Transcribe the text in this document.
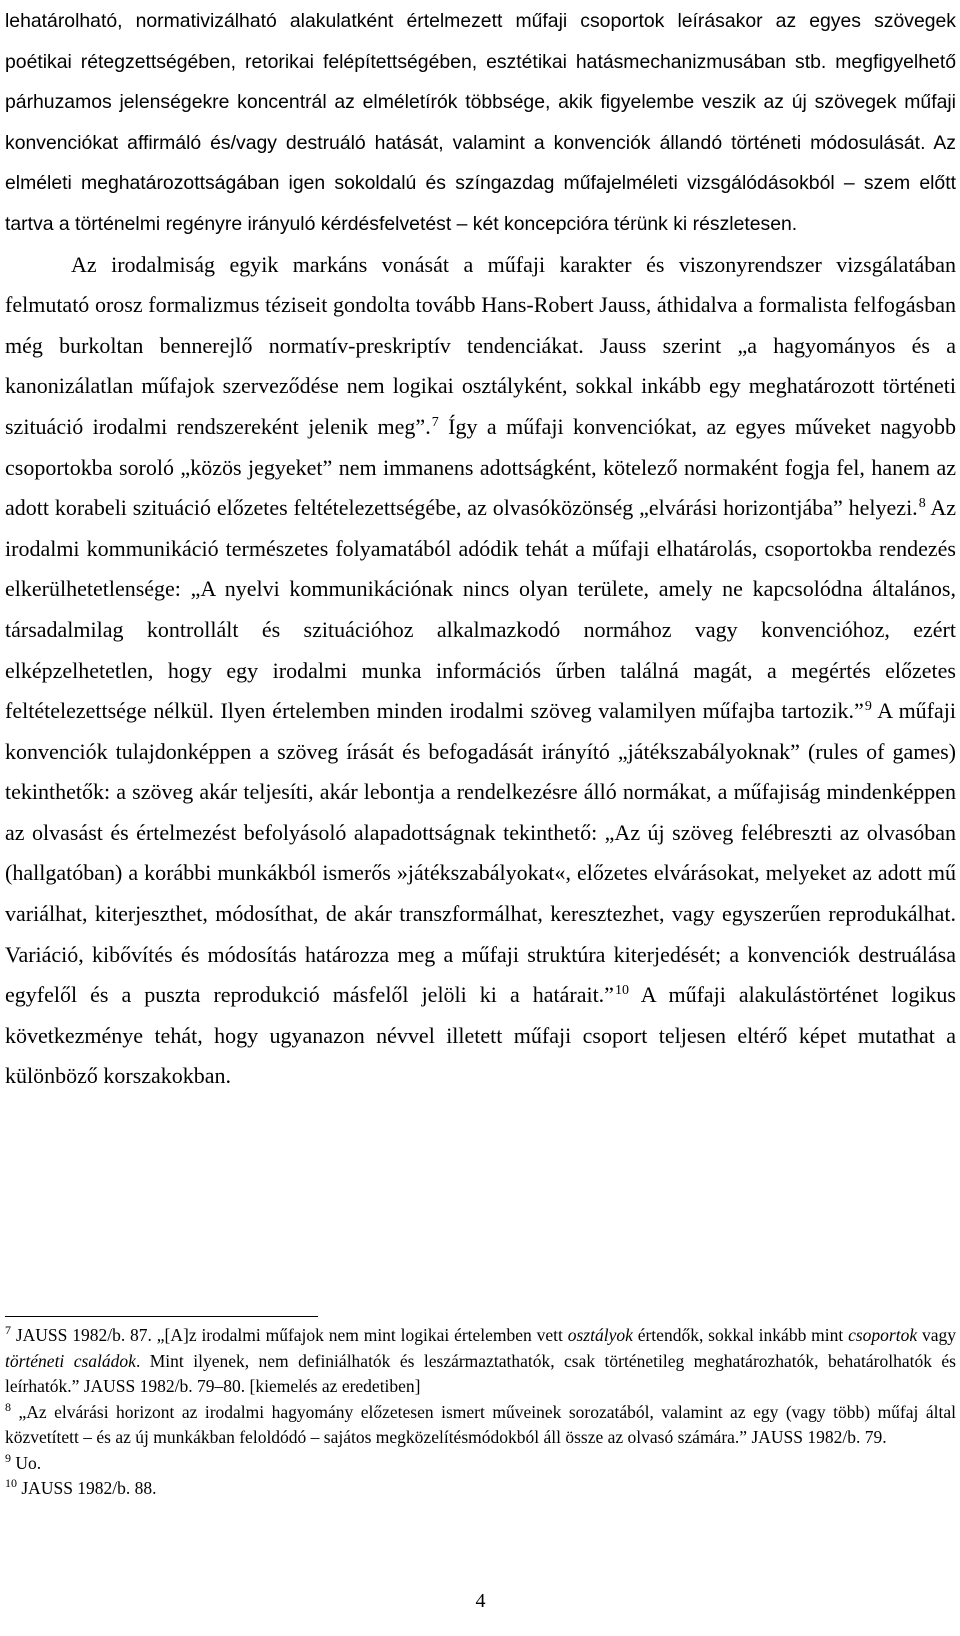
lehatárolható, normativizálható alakulatként értelmezett műfaji csoportok leírásakor az egyes szövegek poétikai rétegzettségében, retorikai felépítettségében, esztétikai hatásmechanizmusában stb. megfigyelhető párhuzamos jelenségekre koncentrál az elméletírók többsége, akik figyelembe veszik az új szövegek műfaji konvenciókat affirmáló és/vagy destruáló hatását, valamint a konvenciók állandó történeti módosulását. Az elméleti meghatározottságában igen sokoldalú és színgazdag műfajelméleti vizsgálódásokból – szem előtt tartva a történelmi regényre irányuló kérdésfelvetést – két koncepcióra térünk ki részletesen.

Az irodalmiság egyik markáns vonását a műfaji karakter és viszonyrendszer vizsgálatában felmutató orosz formalizmus téziseit gondolta tovább Hans-Robert Jauss, áthidalva a formalista felfogásban még burkoltan bennerejlő normatív-preskriptív tendenciákat. Jauss szerint „a hagyományos és a kanonizálatlan műfajok szerveződése nem logikai osztályként, sokkal inkább egy meghatározott történeti szituáció irodalmi rendszereként jelenik meg”.$^7$ Így a műfaji konvenciókat, az egyes műveket nagyobb csoportokba soroló „közös jegyeket” nem immanens adottságként, kötelező normaként fogja fel, hanem az adott korabeli szituáció előzetes feltételezettségébe, az olvasóközönség „elvárási horizontjába” helyezi.$^8$ Az irodalmi kommunikáció természetes folyamatából adódik tehát a műfaji elhatárolás, csoportokba rendezés elkerülhetetlensége: „A nyelvi kommunikációnak nincs olyan területe, amely ne kapcsolódna általános, társadalmilag kontrollált és szituációhoz alkalmazkodó normához vagy konvencióhoz, ezért elképzelhetetlen, hogy egy irodalmi munka információs űrben találná magát, a megértés előzetes feltételezettsége nélkül. Ilyen értelemben minden irodalmi szöveg valamilyen műfajba tartozik.”$^9$ A műfaji konvenciók tulajdonképpen a szöveg írását és befogadását irányító „játékszabályoknak” (rules of games) tekinthetők: a szöveg akár teljesíti, akár lebontja a rendelkezésre álló normákat, a műfajiság mindenképpen az olvasást és értelmezést befolyásoló alapadottságnak tekinthető: „Az új szöveg felébreszti az olvasóban (hallgatóban) a korábbi munkákból ismerős »játékszabályokat«, előzetes elvárásokat, melyeket az adott mű variálhat, kiterjeszthet, módosíthat, de akár transzformálhat, keresztezhet, vagy egyszerűen reprodukálhat. Variáció, kibővítés és módosítás határozza meg a műfaji struktúra kiterjedését; a konvenciók destruálása egyfelől és a puszta reprodukció másfelől jelöli ki a határait.”$^{10}$ A műfaji alakulástörténet logikus következménye tehát, hogy ugyanazon névvel illetett műfaji csoport teljesen eltérő képet mutathat a különböző korszakokban.

$^7$ JAUSS 1982/b. 87. „[A]z irodalmi műfajok nem mint logikai értelemben vett osztályok értendők, sokkal inkább mint csoportok vagy történeti családok. Mint ilyenek, nem definiálhatók és leszármaztathatók, csak történetileg meghatározhatók, behatárolhatók és leírhatók.” JAUSS 1982/b. 79–80. [kiemelés az eredetiben]

$^8$ „Az elvárási horizont az irodalmi hagyomány előzetesen ismert műveinek sorozatából, valamint az egy (vagy több) műfaj által közvetített – és az új munkákban feloldódó – sajátos megközelítésmódokból áll össze az olvasó számára.” JAUSS 1982/b. 79.

$^9$ Uo.

$^{10}$ JAUSS 1982/b. 88.

4
